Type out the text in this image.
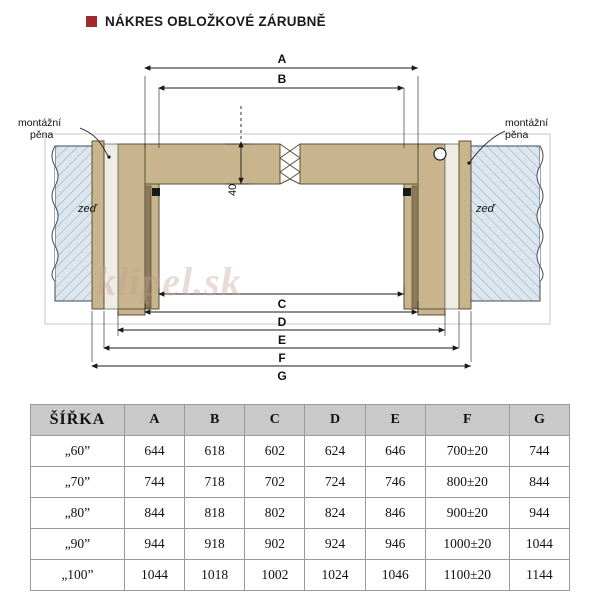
NÁKRES OBLOŽKOVÉ ZÁRUBNĚ
montážní
pěna
montážní
pěna
zeď	zeď
40
A
B
C
D
E
F
G
klipel.sk
ŠÍŘKA	A	B	C	D	E	F	G
„60”	644	618	602	624	646	700±20	744
„70”	744	718	702	724	746	800±20	844
„80”	844	818	802	824	846	900±20	944
„90”	944	918	902	924	946	1000±20	1044
„100”	1044	1018	1002	1024	1046	1100±20	1144
